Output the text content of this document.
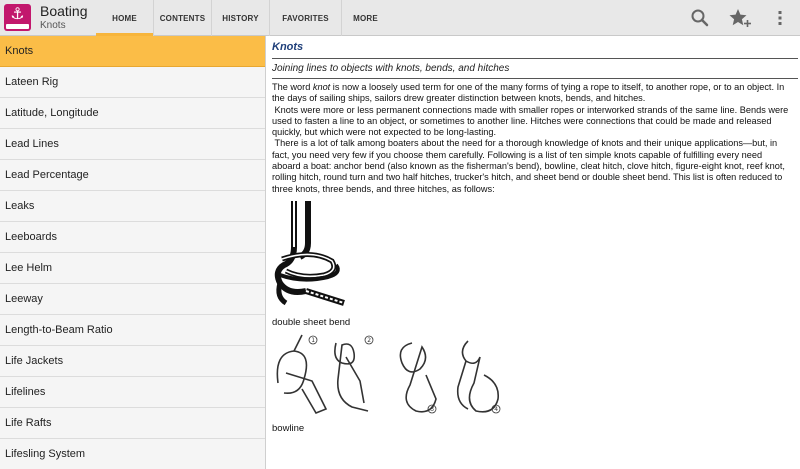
⚓	Boating
Knots
HOME	CONTENTS	HISTORY	FAVORITES	MORE
Knots
Lateen Rig
Latitude, Longitude
Lead Lines
Lead Percentage
Leaks
Leeboards
Lee Helm
Leeway
Length-to-Beam Ratio
Life Jackets
Lifelines
Life Rafts
Lifesling System
Knots
Joining lines to objects with knots, bends, and hitches
The word knot is now a loosely used term for one of the many forms of tying a rope to itself, to another rope, or to an object. In the days of sailing ships, sailors drew greater distinction between knots, bends, and hitches.
Knots were more or less permanent connections made with smaller ropes or interworked strands of the same line. Bends were used to fasten a line to an object, or sometimes to another line. Hitches were connections that could be made and released quickly, but which were not expected to be long-lasting.
There is a lot of talk among boaters about the need for a thorough knowledge of knots and their unique applications—but, in fact, you need very few if you choose them carefully. Following is a list of ten simple knots capable of fulfilling every need aboard a boat: anchor bend (also known as the fisherman's bend), bowline, cleat hitch, clove hitch, figure-eight knot, reef knot, rolling hitch, round turn and two half hitches, trucker's hitch, and sheet bend or double sheet bend. This list is often reduced to three knots, three bends, and three hitches, as follows:
double sheet bend
1	2
3	4
bowline
